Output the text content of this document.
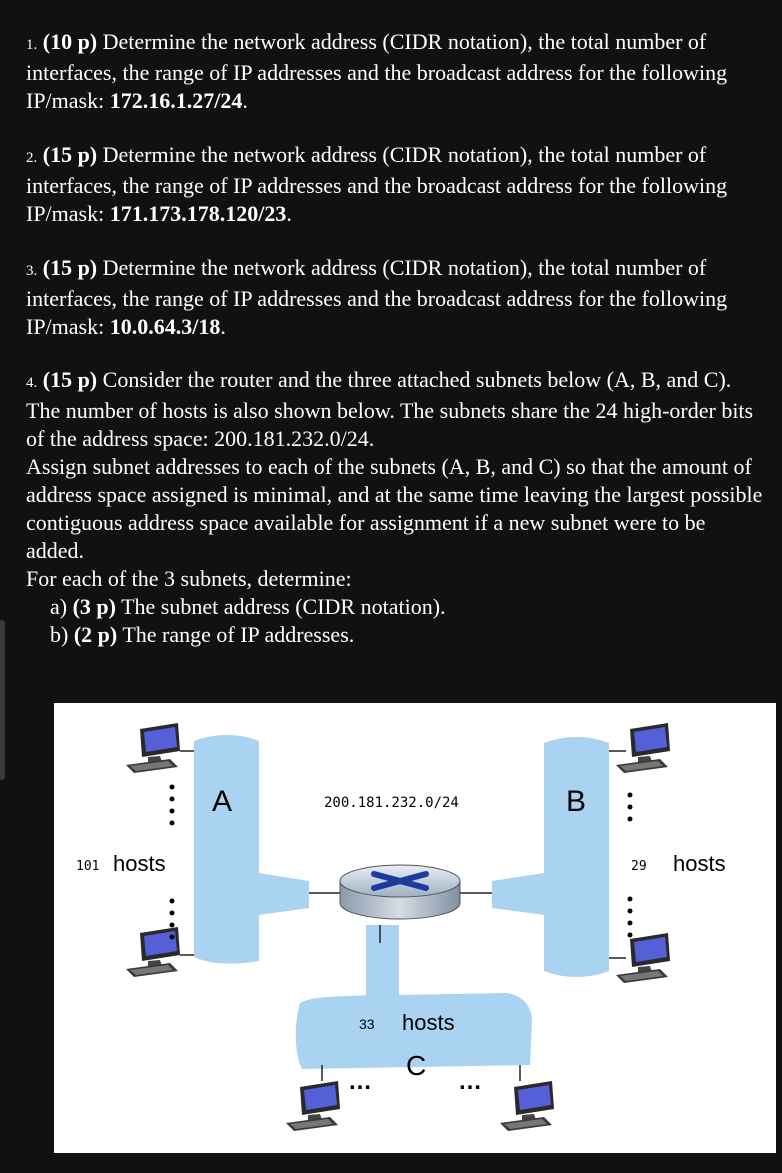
1. (10 p) Determine the network address (CIDR notation), the total number of interfaces, the range of IP addresses and the broadcast address for the following IP/mask: 172.16.1.27/24.

2. (15 p) Determine the network address (CIDR notation), the total number of interfaces, the range of IP addresses and the broadcast address for the following IP/mask: 171.173.178.120/23.

3. (15 p) Determine the network address (CIDR notation), the total number of interfaces, the range of IP addresses and the broadcast address for the following IP/mask: 10.0.64.3/18.

4. (15 p) Consider the router and the three attached subnets below (A, B, and C). The number of hosts is also shown below. The subnets share the 24 high-order bits of the address space: 200.181.232.0/24.
Assign subnet addresses to each of the subnets (A, B, and C) so that the amount of address space assigned is minimal, and at the same time leaving the largest possible contiguous address space available for assignment if a new subnet were to be added.
For each of the 3 subnets, determine:
a) (3 p) The subnet address (CIDR notation).
b) (2 p) The range of IP addresses.
A	B
C
200.181.232.0/24
101 hosts	29 hosts
33 hosts
…	…
